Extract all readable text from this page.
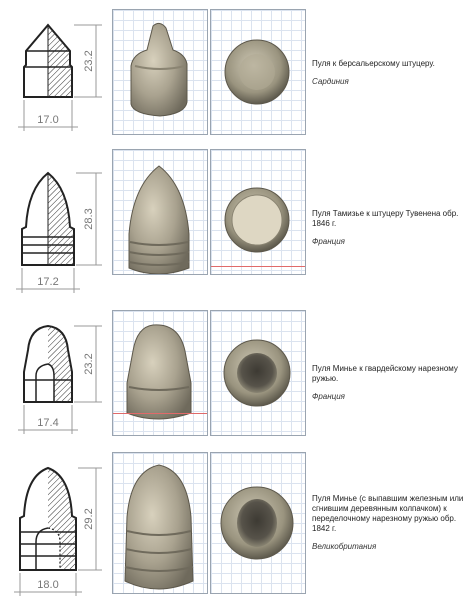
23.2
17.0
Пуля к берсальерскому штуцеру.
Сардиния
28.3
17.2
Пуля Тамизье к штуцеру Тувенена обр. 1846 г.
Франция
23.2
17.4
Пуля Минье к гвардейскому нарезному ружью.
Франция
29.2
18.0
Пуля Минье (с выпавшим железным или сгнившим деревянным колпачком) к переделочному нарезному ружью обр. 1842 г.
Великобритания
